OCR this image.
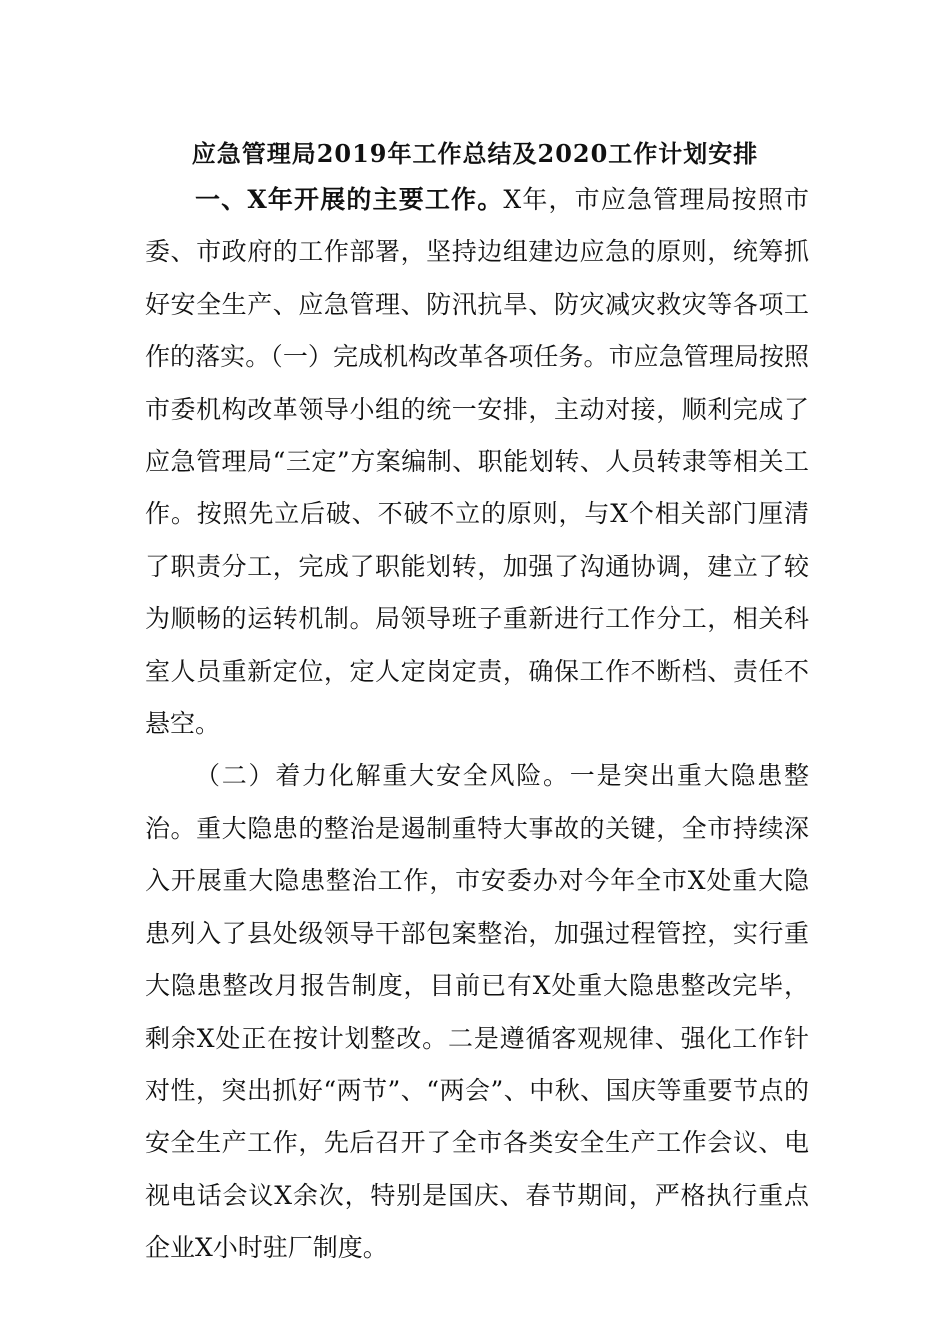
应急管理局2019年工作总结及2020工作计划安排

一、X年开展的主要工作。X年，市应急管理局按照市委、市政府的工作部署，坚持边组建边应急的原则，统筹抓好安全生产、应急管理、防汛抗旱、防灾减灾救灾等各项工作的落实。（一）完成机构改革各项任务。市应急管理局按照市委机构改革领导小组的统一安排，主动对接，顺利完成了应急管理局“三定”方案编制、职能划转、人员转隶等相关工作。按照先立后破、不破不立的原则，与X个相关部门厘清了职责分工，完成了职能划转，加强了沟通协调，建立了较为顺畅的运转机制。局领导班子重新进行工作分工，相关科室人员重新定位，定人定岗定责，确保工作不断档、责任不悬空。

（二）着力化解重大安全风险。一是突出重大隐患整治。重大隐患的整治是遏制重特大事故的关键，全市持续深入开展重大隐患整治工作，市安委办对今年全市X处重大隐患列入了县处级领导干部包案整治，加强过程管控，实行重大隐患整改月报告制度，目前已有X处重大隐患整改完毕，剩余X处正在按计划整改。二是遵循客观规律、强化工作针对性，突出抓好“两节”、“两会”、中秋、国庆等重要节点的安全生产工作，先后召开了全市各类安全生产工作会议、电视电话会议X余次，特别是国庆、春节期间，严格执行重点企业X小时驻厂制度。
